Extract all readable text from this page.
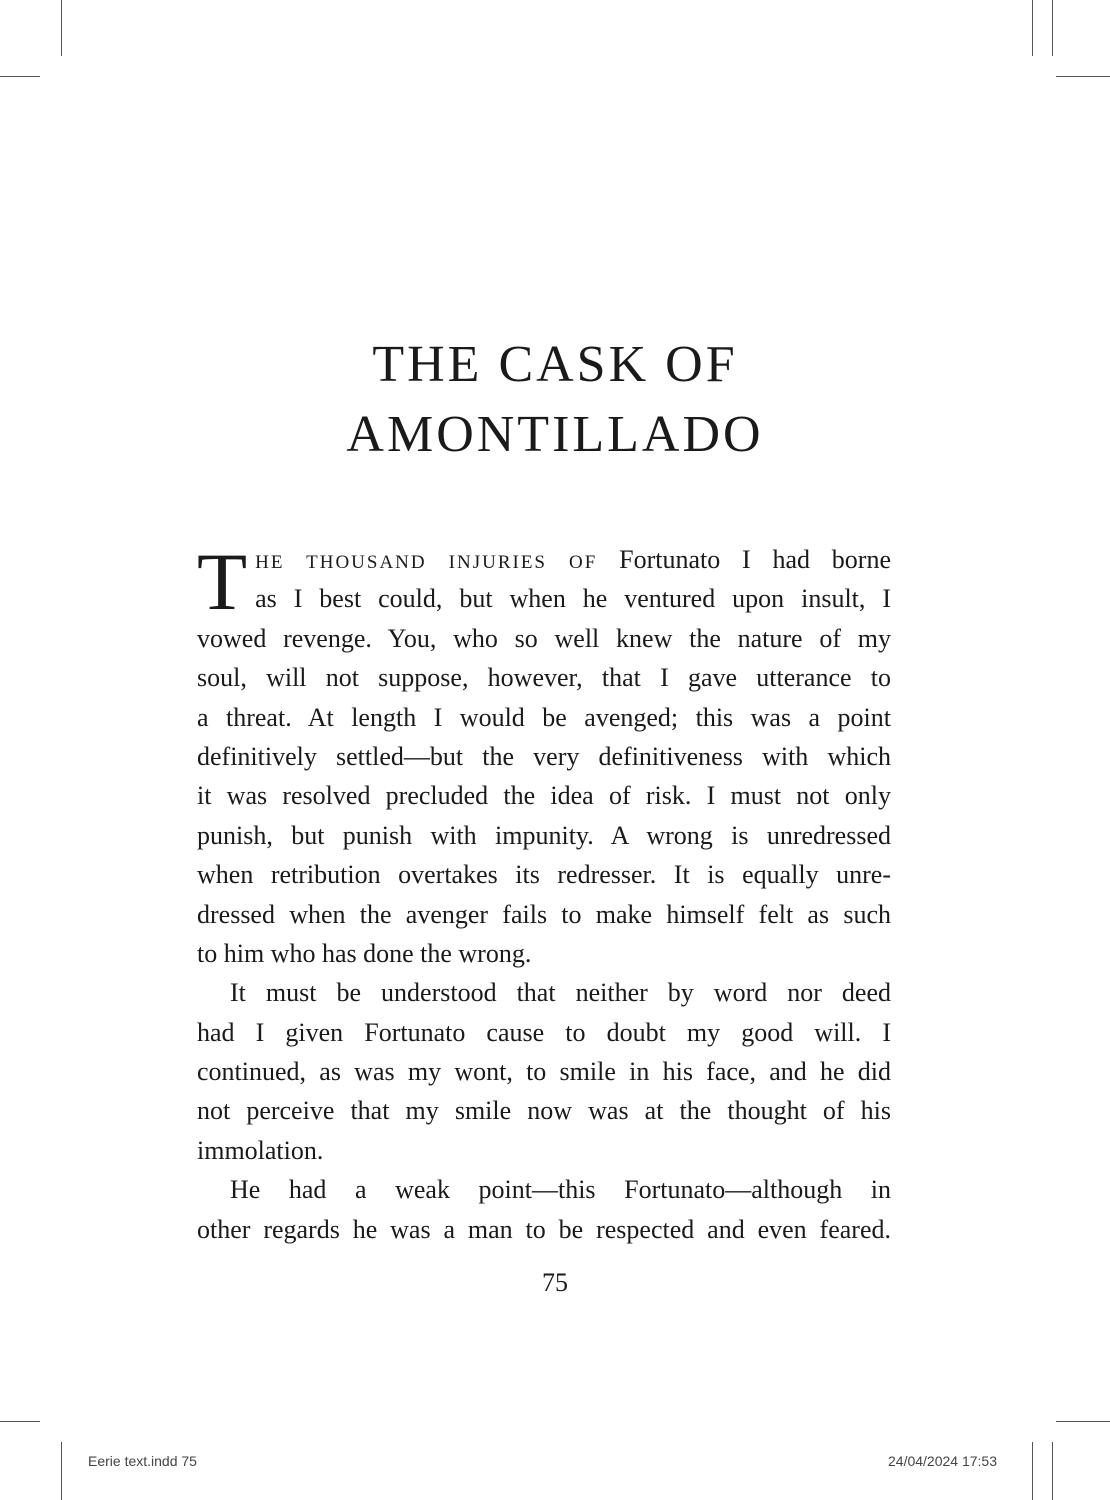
THE CASK OF
AMONTILLADO
T HE THOUSAND INJURIES OF Fortunato I had borne
as I best could, but when he ventured upon insult, I
vowed revenge. You, who so well knew the nature of my
soul, will not suppose, however, that I gave utterance to
a threat. At length I would be avenged; this was a point
definitively settled—but the very definitiveness with which
it was resolved precluded the idea of risk. I must not only
punish, but punish with impunity. A wrong is unredressed
when retribution overtakes its redresser. It is equally unre-
dressed when the avenger fails to make himself felt as such
to him who has done the wrong.
It must be understood that neither by word nor deed
had I given Fortunato cause to doubt my good will. I
continued, as was my wont, to smile in his face, and he did
not perceive that my smile now was at the thought of his
immolation.
He had a weak point—this Fortunato—although in
other regards he was a man to be respected and even feared.
75
Eerie text.indd 75	24/04/2024 17:53
